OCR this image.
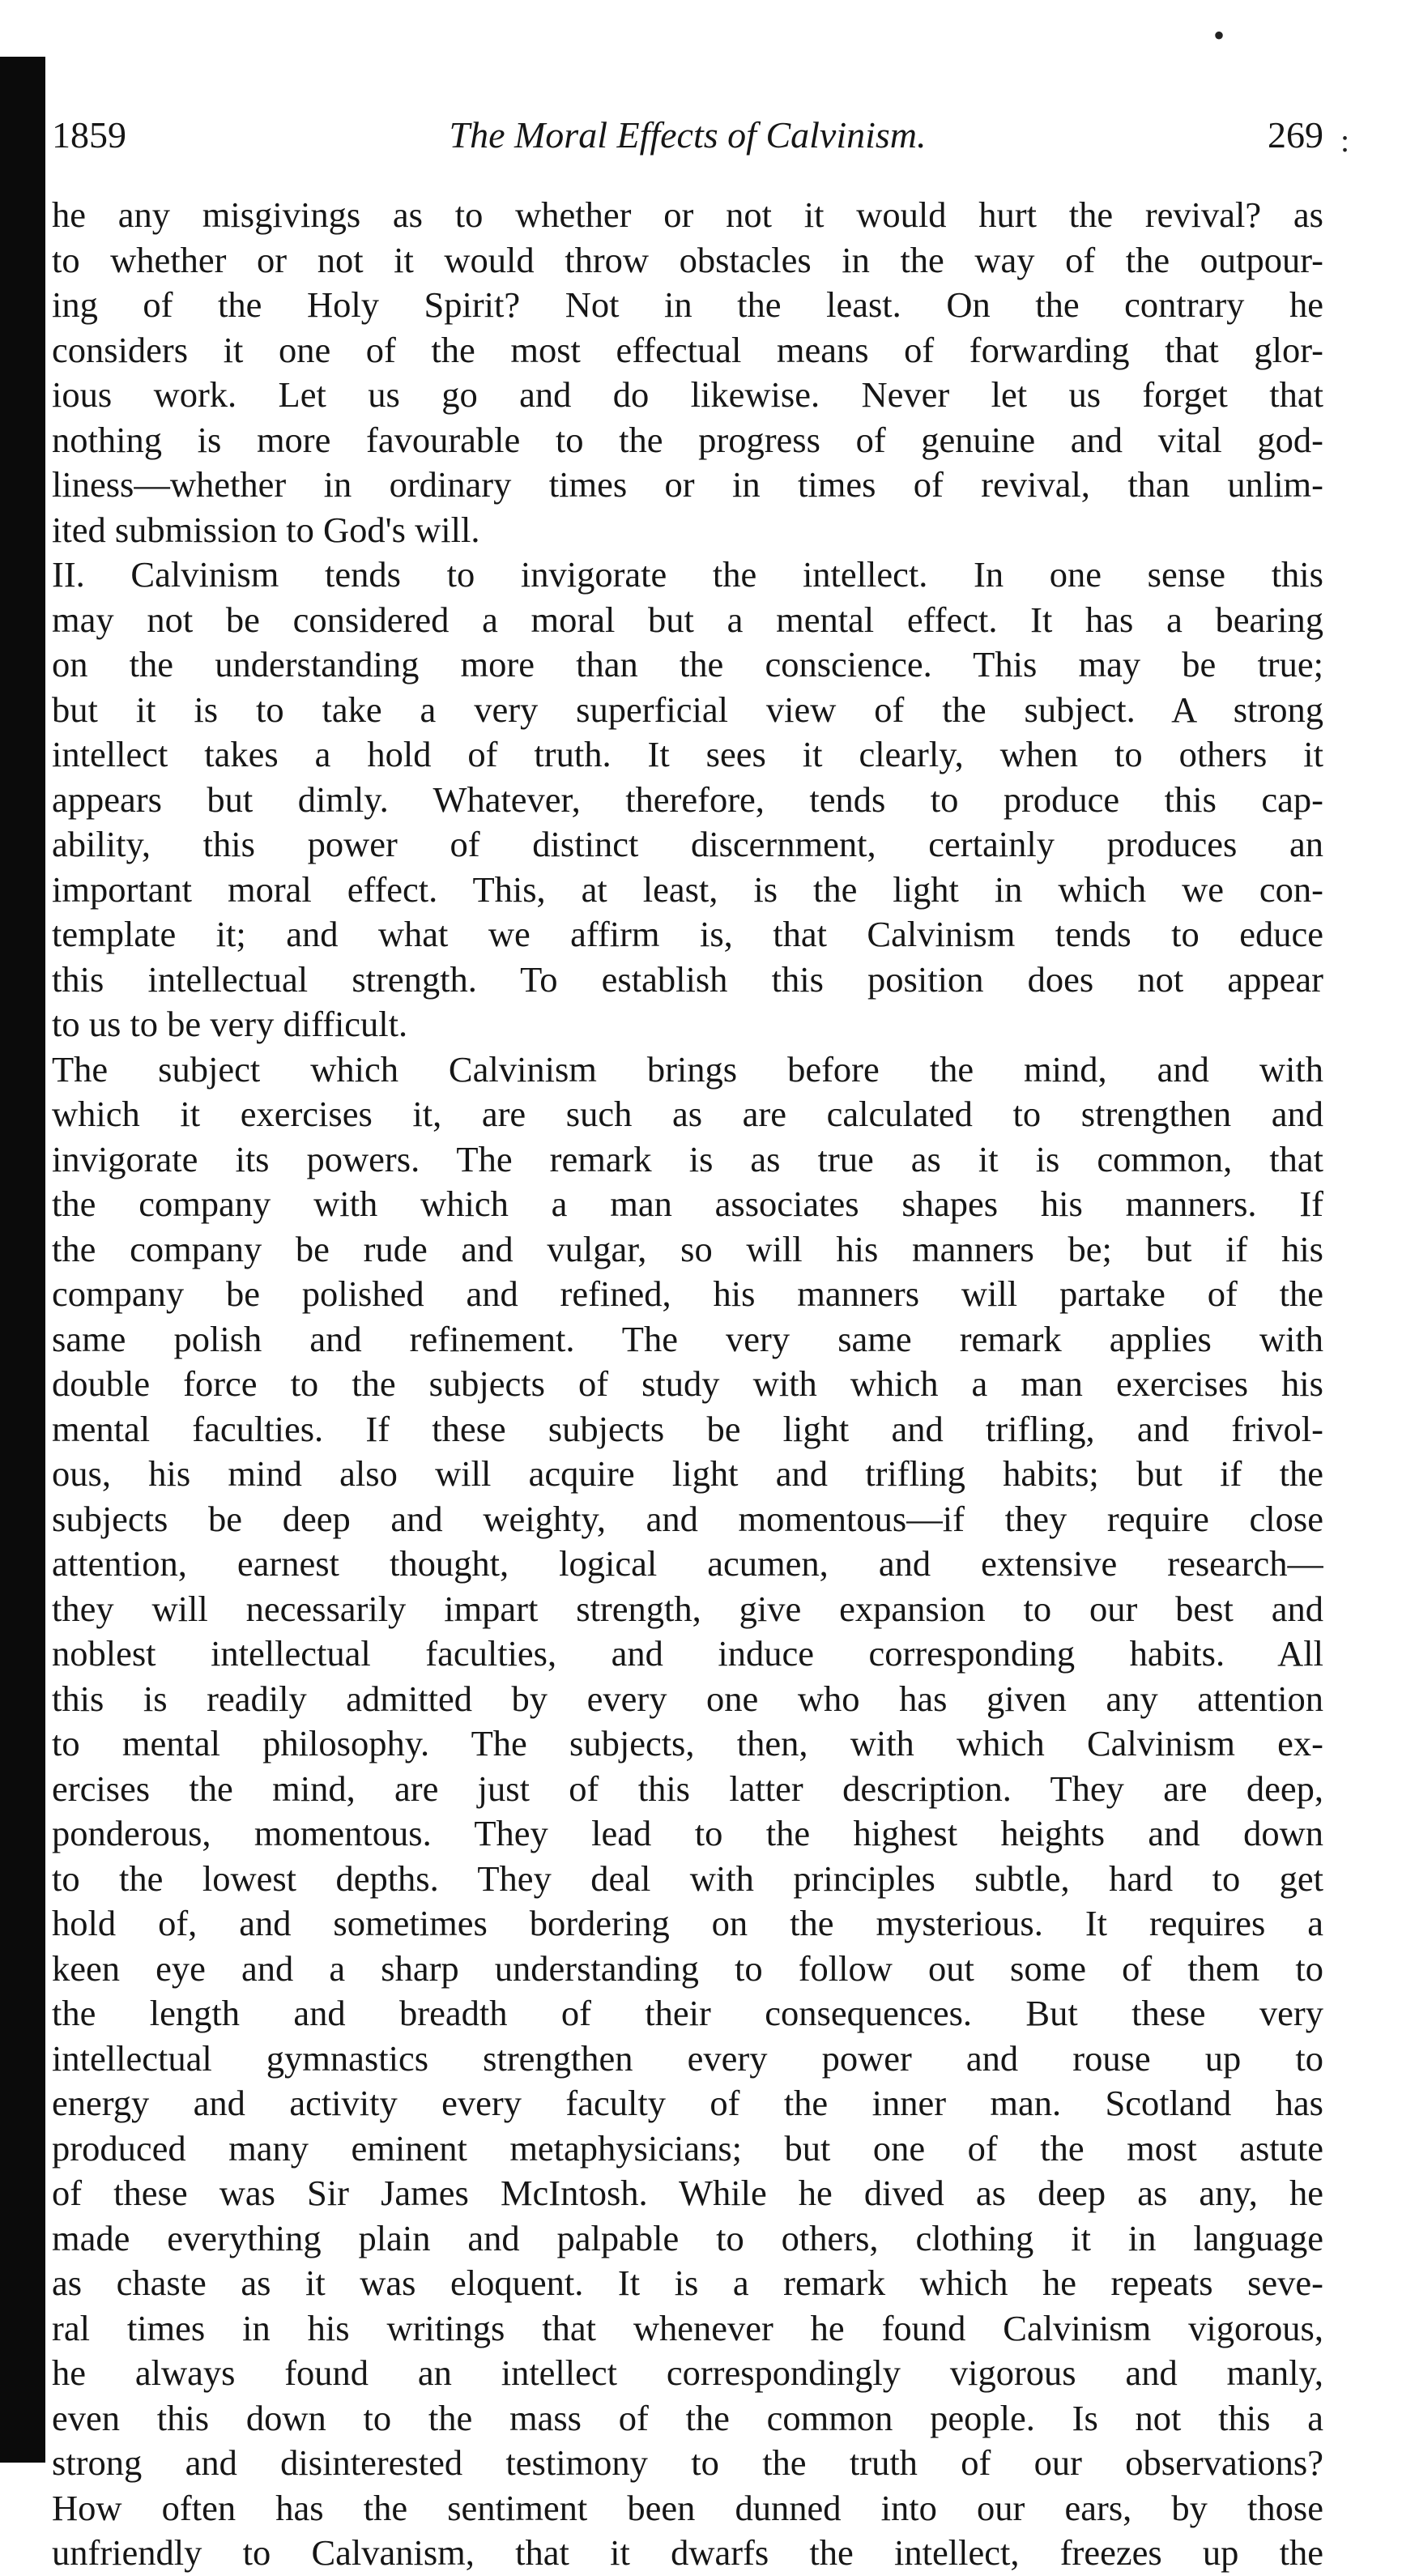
•
:
1859	The Moral Effects of Calvinism.	269
he any misgivings as to whether or not it would hurt the revival? as
to whether or not it would throw obstacles in the way of the outpour-
ing of the Holy Spirit? Not in the least. On the contrary he
considers it one of the most effectual means of forwarding that glor-
ious work. Let us go and do likewise. Never let us forget that
nothing is more favourable to the progress of genuine and vital god-
liness—whether in ordinary times or in times of revival, than unlim-
ited submission to God's will.
II. Calvinism tends to invigorate the intellect. In one sense this
may not be considered a moral but a mental effect. It has a bearing
on the understanding more than the conscience. This may be true;
but it is to take a very superficial view of the subject. A strong
intellect takes a hold of truth. It sees it clearly, when to others it
appears but dimly. Whatever, therefore, tends to produce this cap-
ability, this power of distinct discernment, certainly produces an
important moral effect. This, at least, is the light in which we con-
template it; and what we affirm is, that Calvinism tends to educe
this intellectual strength. To establish this position does not appear
to us to be very difficult.
The subject which Calvinism brings before the mind, and with
which it exercises it, are such as are calculated to strengthen and
invigorate its powers. The remark is as true as it is common, that
the company with which a man associates shapes his manners. If
the company be rude and vulgar, so will his manners be; but if his
company be polished and refined, his manners will partake of the
same polish and refinement. The very same remark applies with
double force to the subjects of study with which a man exercises his
mental faculties. If these subjects be light and trifling, and frivol-
ous, his mind also will acquire light and trifling habits; but if the
subjects be deep and weighty, and momentous—if they require close
attention, earnest thought, logical acumen, and extensive research—
they will necessarily impart strength, give expansion to our best and
noblest intellectual faculties, and induce corresponding habits. All
this is readily admitted by every one who has given any attention
to mental philosophy. The subjects, then, with which Calvinism ex-
ercises the mind, are just of this latter description. They are deep,
ponderous, momentous. They lead to the highest heights and down
to the lowest depths. They deal with principles subtle, hard to get
hold of, and sometimes bordering on the mysterious. It requires a
keen eye and a sharp understanding to follow out some of them to
the length and breadth of their consequences. But these very
intellectual gymnastics strengthen every power and rouse up to
energy and activity every faculty of the inner man. Scotland has
produced many eminent metaphysicians; but one of the most astute
of these was Sir James McIntosh. While he dived as deep as any, he
made everything plain and palpable to others, clothing it in language
as chaste as it was eloquent. It is a remark which he repeats seve-
ral times in his writings that whenever he found Calvinism vigorous,
he always found an intellect correspondingly vigorous and manly,
even this down to the mass of the common people. Is not this a
strong and disinterested testimony to the truth of our observations?
How often has the sentiment been dunned into our ears, by those
unfriendly to Calvanism, that it dwarfs the intellect, freezes up the
